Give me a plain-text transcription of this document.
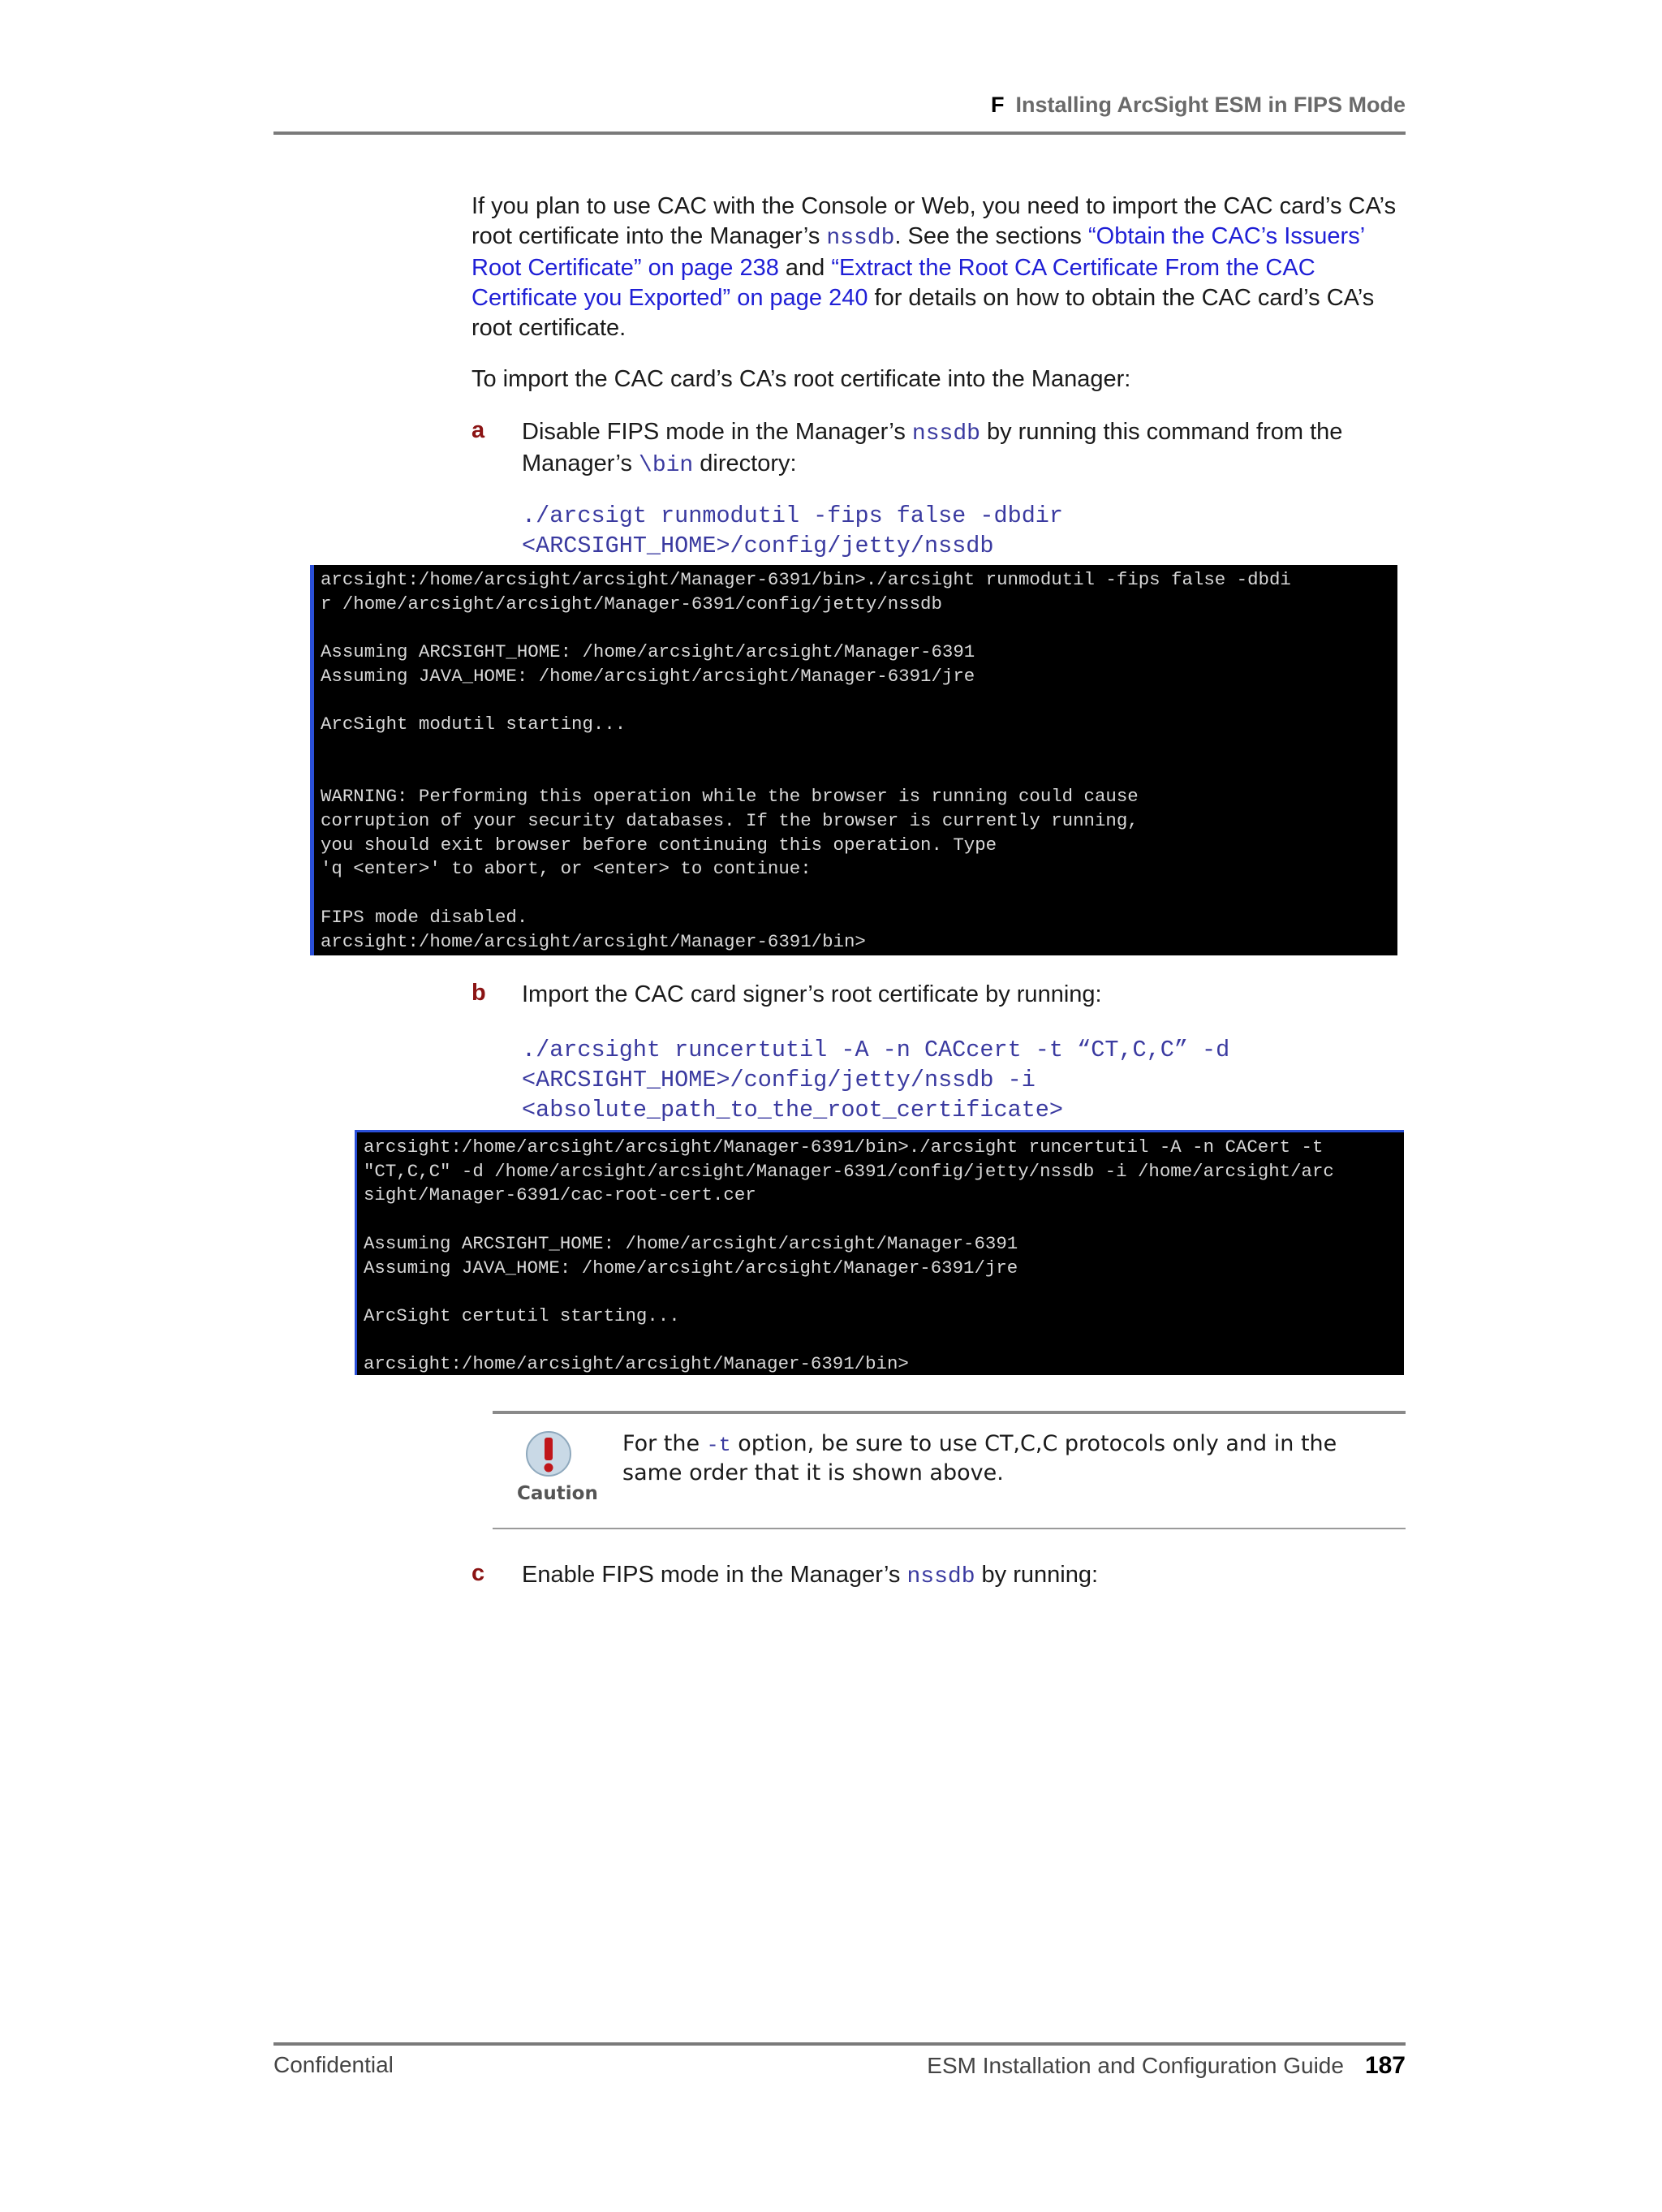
F Installing ArcSight ESM in FIPS Mode
If you plan to use CAC with the Console or Web, you need to import the CAC card’s CA’s root certificate into the Manager’s nssdb. See the sections “Obtain the CAC’s Issuers’ Root Certificate” on page 238 and “Extract the Root CA Certificate From the CAC Certificate you Exported” on page 240 for details on how to obtain the CAC card’s CA’s root certificate.
To import the CAC card’s CA’s root certificate into the Manager:
a Disable FIPS mode in the Manager’s nssdb by running this command from the Manager’s \bin directory:
./arcsigt runmodutil -fips false -dbdir
<ARCSIGHT_HOME>/config/jetty/nssdb
arcsight:/home/arcsight/arcsight/Manager-6391/bin>./arcsight runmodutil -fips false -dbdi
r /home/arcsight/arcsight/Manager-6391/config/jetty/nssdb

Assuming ARCSIGHT_HOME: /home/arcsight/arcsight/Manager-6391
Assuming JAVA_HOME: /home/arcsight/arcsight/Manager-6391/jre

ArcSight modutil starting...

WARNING: Performing this operation while the browser is running could cause
corruption of your security databases. If the browser is currently running,
you should exit browser before continuing this operation. Type
'q <enter>' to abort, or <enter> to continue:

FIPS mode disabled.
arcsight:/home/arcsight/arcsight/Manager-6391/bin>
b Import the CAC card signer’s root certificate by running:
./arcsight runcertutil -A -n CACcert -t “CT,C,C” -d
<ARCSIGHT_HOME>/config/jetty/nssdb -i
<absolute_path_to_the_root_certificate>
arcsight:/home/arcsight/arcsight/Manager-6391/bin>./arcsight runcertutil -A -n CACert -t
"CT,C,C" -d /home/arcsight/arcsight/Manager-6391/config/jetty/nssdb -i /home/arcsight/arc
sight/Manager-6391/cac-root-cert.cer

Assuming ARCSIGHT_HOME: /home/arcsight/arcsight/Manager-6391
Assuming JAVA_HOME: /home/arcsight/arcsight/Manager-6391/jre

ArcSight certutil starting...

arcsight:/home/arcsight/arcsight/Manager-6391/bin>
Caution
For the -t option, be sure to use CT,C,C protocols only and in the same order that it is shown above.
c Enable FIPS mode in the Manager’s nssdb by running:
Confidential	ESM Installation and Configuration Guide 187
